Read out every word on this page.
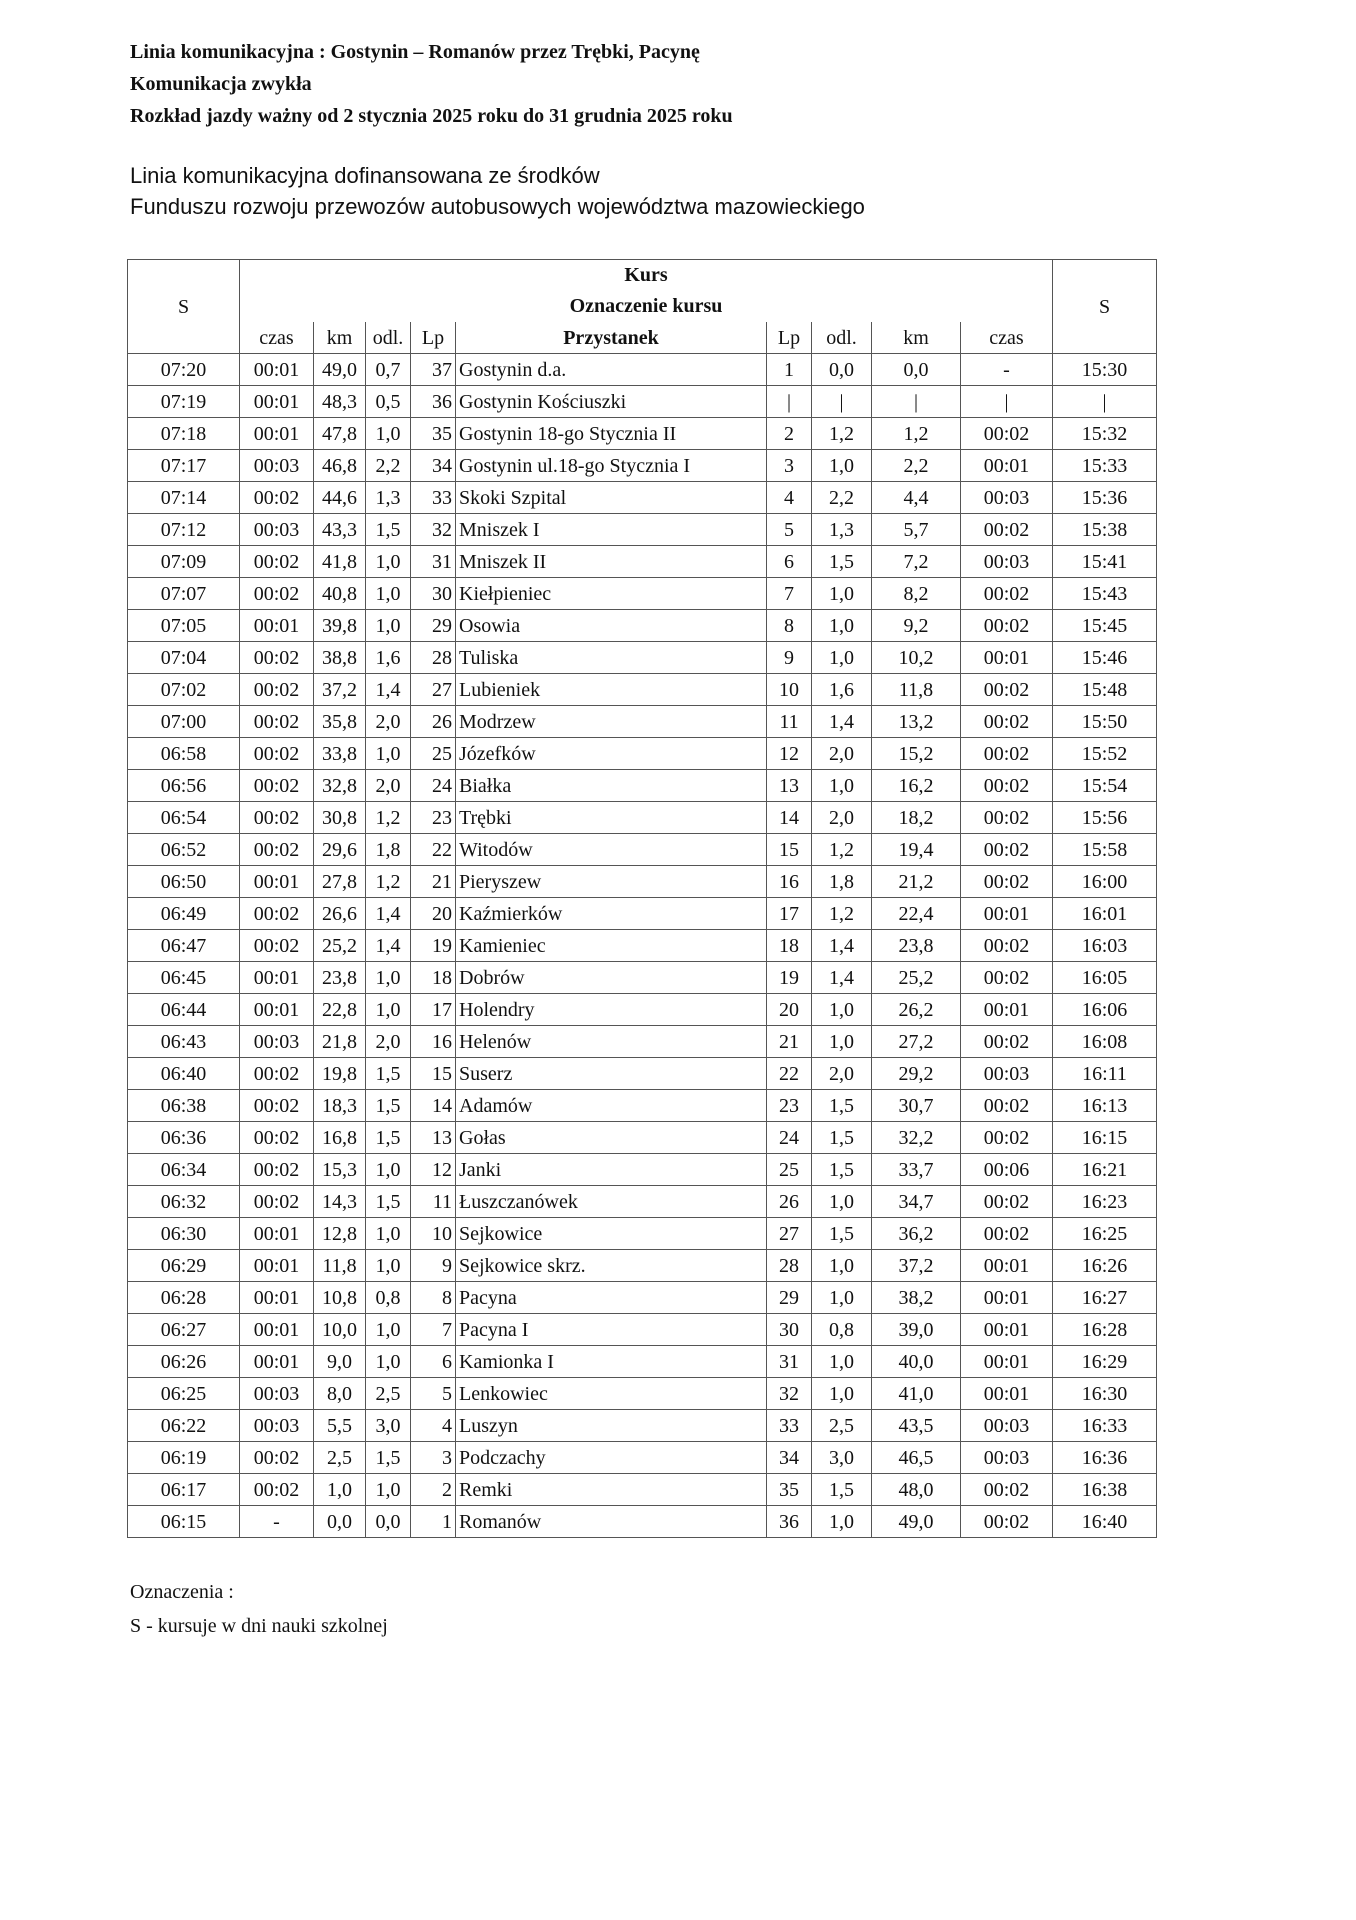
Linia komunikacyjna : Gostynin – Romanów przez Trębki, Pacynę
Komunikacja zwykła
Rozkład jazdy ważny od 2 stycznia 2025 roku do 31 grudnia 2025 roku
Linia komunikacyjna dofinansowana ze środków
Funduszu rozwoju przewozów autobusowych województwa mazowieckiego
S	Kurs
Oznaczenie kursu									S
	czas	km	odl.	Lp	Przystanek	Lp	odl.	km	czas	
07:20	00:01	49,0	0,7	37	Gostynin d.a.	1	0,0	0,0	-	15:30
07:19	00:01	48,3	0,5	36	Gostynin Kościuszki	|	|	|	|	|
07:18	00:01	47,8	1,0	35	Gostynin 18-go Stycznia II	2	1,2	1,2	00:02	15:32
07:17	00:03	46,8	2,2	34	Gostynin ul.18-go Stycznia I	3	1,0	2,2	00:01	15:33
07:14	00:02	44,6	1,3	33	Skoki Szpital	4	2,2	4,4	00:03	15:36
07:12	00:03	43,3	1,5	32	Mniszek I	5	1,3	5,7	00:02	15:38
07:09	00:02	41,8	1,0	31	Mniszek II	6	1,5	7,2	00:03	15:41
07:07	00:02	40,8	1,0	30	Kiełpieniec	7	1,0	8,2	00:02	15:43
07:05	00:01	39,8	1,0	29	Osowia	8	1,0	9,2	00:02	15:45
07:04	00:02	38,8	1,6	28	Tuliska	9	1,0	10,2	00:01	15:46
07:02	00:02	37,2	1,4	27	Lubieniek	10	1,6	11,8	00:02	15:48
07:00	00:02	35,8	2,0	26	Modrzew	11	1,4	13,2	00:02	15:50
06:58	00:02	33,8	1,0	25	Józefków	12	2,0	15,2	00:02	15:52
06:56	00:02	32,8	2,0	24	Białka	13	1,0	16,2	00:02	15:54
06:54	00:02	30,8	1,2	23	Trębki	14	2,0	18,2	00:02	15:56
06:52	00:02	29,6	1,8	22	Witodów	15	1,2	19,4	00:02	15:58
06:50	00:01	27,8	1,2	21	Pieryszew	16	1,8	21,2	00:02	16:00
06:49	00:02	26,6	1,4	20	Kaźmierków	17	1,2	22,4	00:01	16:01
06:47	00:02	25,2	1,4	19	Kamieniec	18	1,4	23,8	00:02	16:03
06:45	00:01	23,8	1,0	18	Dobrów	19	1,4	25,2	00:02	16:05
06:44	00:01	22,8	1,0	17	Holendry	20	1,0	26,2	00:01	16:06
06:43	00:03	21,8	2,0	16	Helenów	21	1,0	27,2	00:02	16:08
06:40	00:02	19,8	1,5	15	Suserz	22	2,0	29,2	00:03	16:11
06:38	00:02	18,3	1,5	14	Adamów	23	1,5	30,7	00:02	16:13
06:36	00:02	16,8	1,5	13	Gołas	24	1,5	32,2	00:02	16:15
06:34	00:02	15,3	1,0	12	Janki	25	1,5	33,7	00:06	16:21
06:32	00:02	14,3	1,5	11	Łuszczanówek	26	1,0	34,7	00:02	16:23
06:30	00:01	12,8	1,0	10	Sejkowice	27	1,5	36,2	00:02	16:25
06:29	00:01	11,8	1,0	9	Sejkowice skrz.	28	1,0	37,2	00:01	16:26
06:28	00:01	10,8	0,8	8	Pacyna	29	1,0	38,2	00:01	16:27
06:27	00:01	10,0	1,0	7	Pacyna I	30	0,8	39,0	00:01	16:28
06:26	00:01	9,0	1,0	6	Kamionka I	31	1,0	40,0	00:01	16:29
06:25	00:03	8,0	2,5	5	Lenkowiec	32	1,0	41,0	00:01	16:30
06:22	00:03	5,5	3,0	4	Luszyn	33	2,5	43,5	00:03	16:33
06:19	00:02	2,5	1,5	3	Podczachy	34	3,0	46,5	00:03	16:36
06:17	00:02	1,0	1,0	2	Remki	35	1,5	48,0	00:02	16:38
06:15	-	0,0	0,0	1	Romanów	36	1,0	49,0	00:02	16:40
Oznaczenia :
S - kursuje w dni nauki szkolnej
